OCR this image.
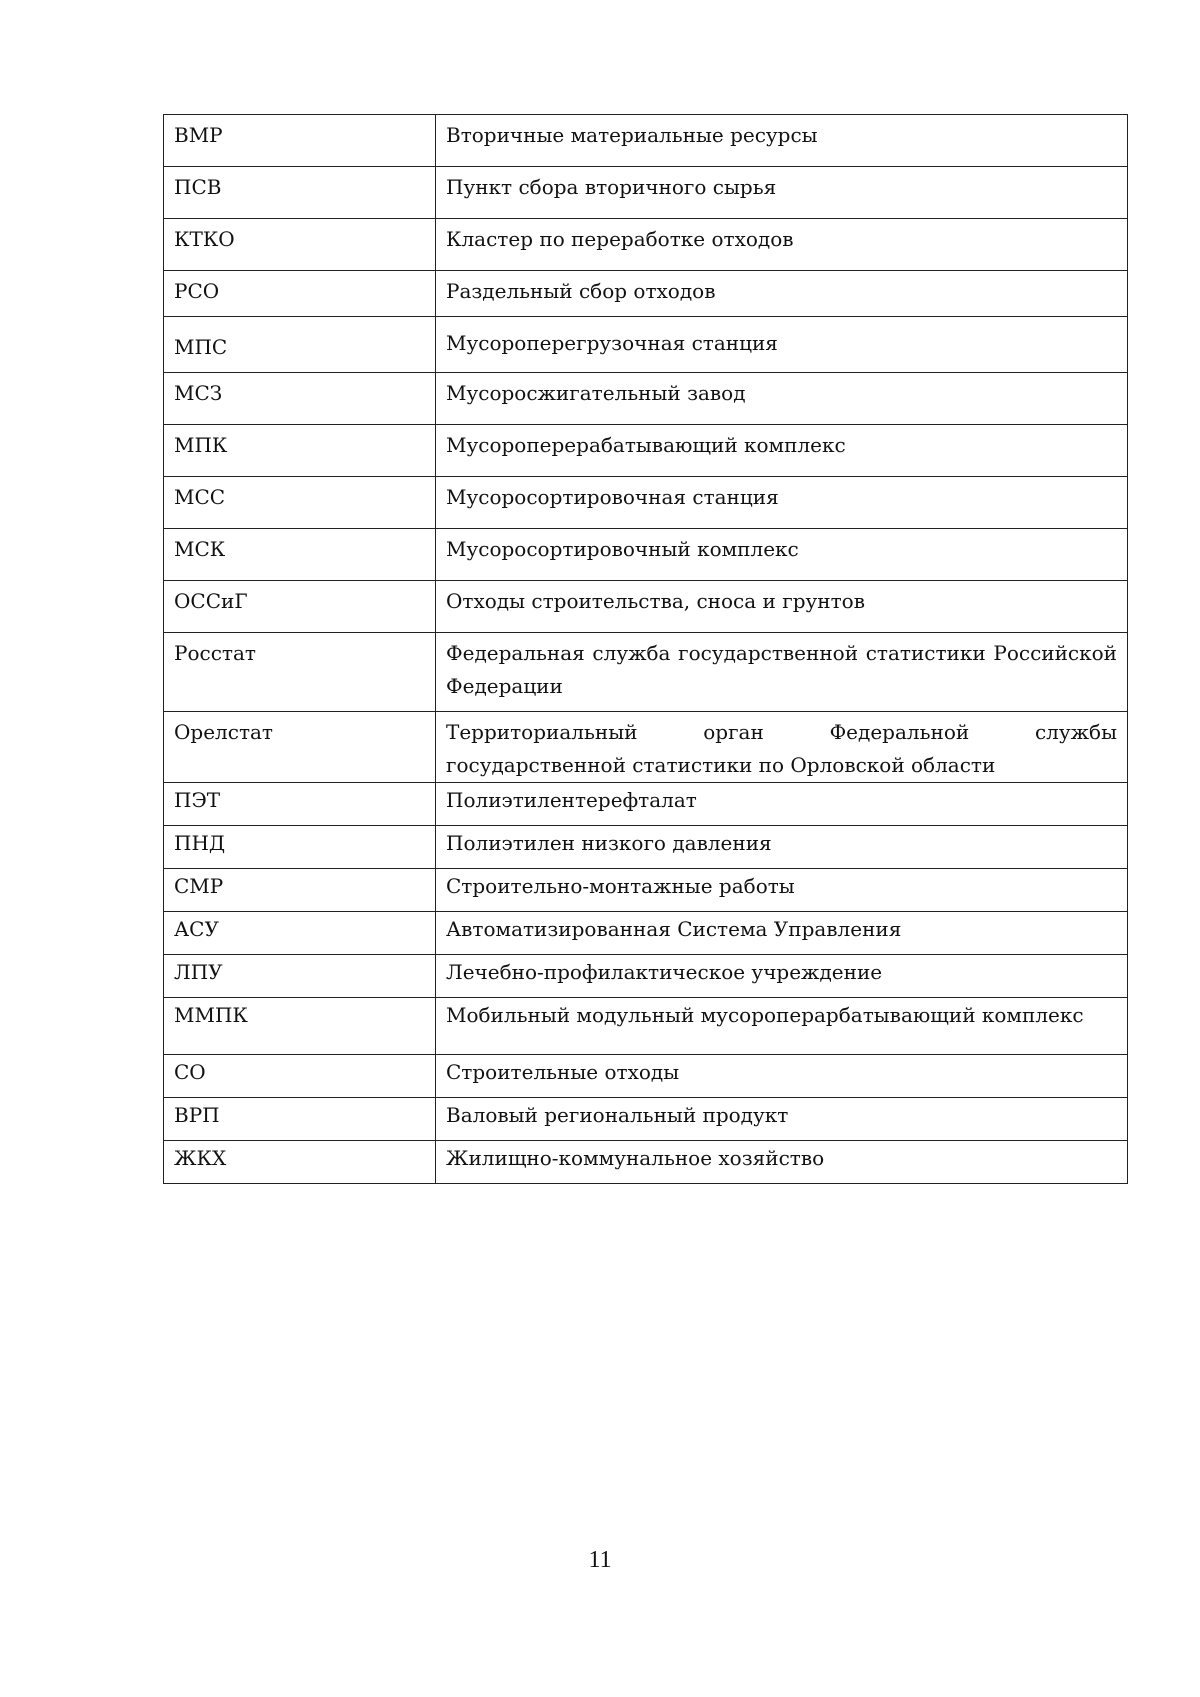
ВМР	Вторичные материальные ресурсы
ПСВ	Пункт сбора вторичного сырья
КТКО	Кластер по переработке отходов
РСО	Раздельный сбор отходов
МПС	Мусороперегрузочная станция
МСЗ	Мусоросжигательный завод
МПК	Мусороперерабатывающий комплекс
МСС	Мусоросортировочная станция
МСК	Мусоросортировочный комплекс
ОССиГ	Отходы строительства, сноса и грунтов
Росстат	Федеральная служба государственной статистики Российской Федерации
Орелстат	Территориальный орган Федеральной службы государственной статистики по Орловской области
ПЭТ	Полиэтилентерефталат
ПНД	Полиэтилен низкого давления
СМР	Строительно-монтажные работы
АСУ	Автоматизированная Система Управления
ЛПУ	Лечебно-профилактическое учреждение
ММПК	Мобильный модульный мусороперарбатывающий комплекс
СО	Строительные отходы
ВРП	Валовый региональный продукт
ЖКХ	Жилищно-коммунальное хозяйство
11
